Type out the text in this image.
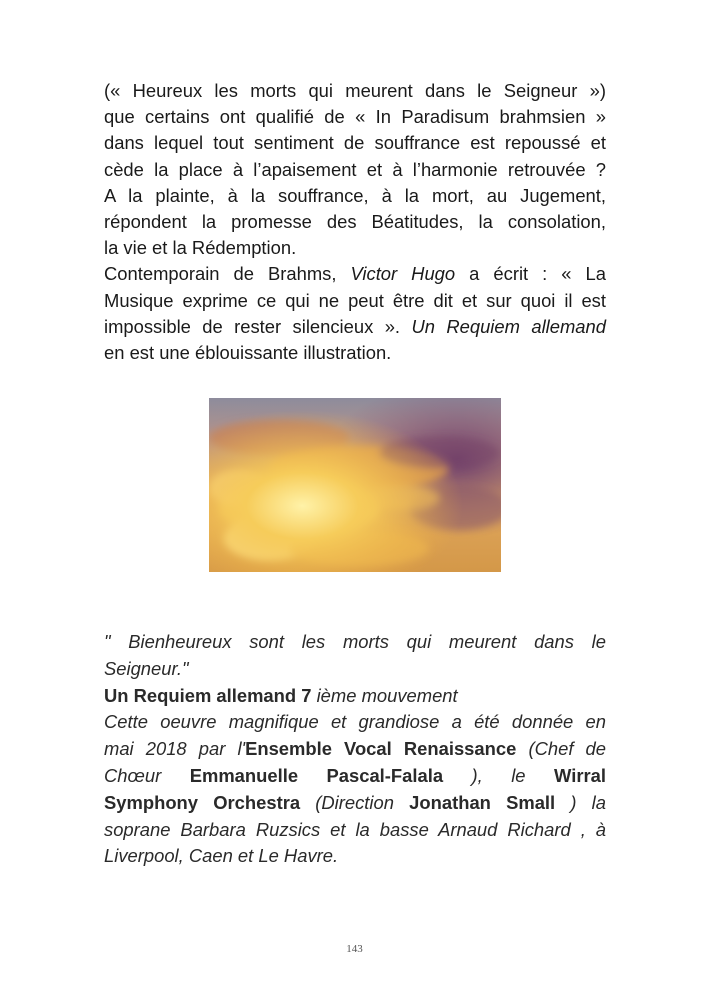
(« Heureux les morts qui meurent dans le Seigneur »)

que certains ont qualifié de « In Paradisum brahmsien »

dans lequel tout sentiment de souffrance est repoussé et

cède la place à l’apaisement et à l’harmonie retrouvée ?

A la plainte, à la souffrance, à la mort, au Jugement,

répondent la promesse des Béatitudes, la consolation,

la vie et la Rédemption.

Contemporain de Brahms, Victor Hugo a écrit : « La

Musique exprime ce qui ne peut être dit et sur quoi il est

impossible de rester silencieux ». Un Requiem allemand

en est une éblouissante illustration.

" Bienheureux sont les morts qui meurent dans le

Seigneur."

Un Requiem allemand 7 ième mouvement

Cette oeuvre magnifique et grandiose a été donnée en

mai 2018 par l'Ensemble Vocal Renaissance (Chef de

Chœur Emmanuelle Pascal-Falala ), le Wirral

Symphony Orchestra (Direction Jonathan Small ) la

soprane Barbara Ruzsics et la basse Arnaud Richard , à

Liverpool, Caen et Le Havre.

143
